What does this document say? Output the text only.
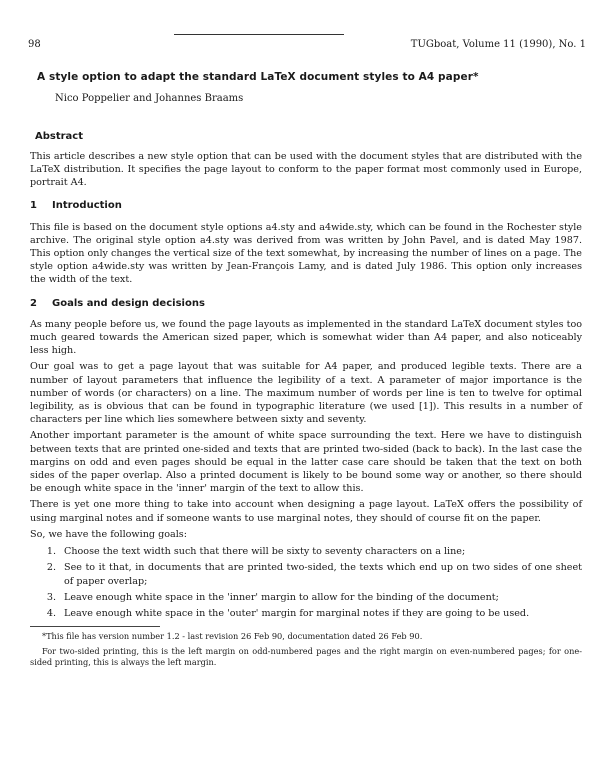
98	TUGboat, Volume 11 (1990), No. 1
A style option to adapt the standard LaTeX document styles to A4 paper*
Nico Poppelier and Johannes Braams
Abstract

This article describes a new style option that can be used with the document styles that are distributed with the LaTeX distribution. It specifies the page layout to conform to the paper format most commonly used in Europe, portrait A4.

1 Introduction

This file is based on the document style options a4.sty and a4wide.sty, which can be found in the Rochester style archive. The original style option a4.sty was derived from was written by John Pavel, and is dated May 1987. This option only changes the vertical size of the text somewhat, by increasing the number of lines on a page. The style option a4wide.sty was written by Jean-François Lamy, and is dated July 1986. This option only increases the width of the text.

2 Goals and design decisions

As many people before us, we found the page layouts as implemented in the standard LaTeX document styles too much geared towards the American sized paper, which is somewhat wider than A4 paper, and also noticeably less high.

Our goal was to get a page layout that was suitable for A4 paper, and produced legible texts. There are a number of layout parameters that influence the legibility of a text. A parameter of major importance is the number of words (or characters) on a line. The maximum number of words per line is ten to twelve for optimal legibility, as is obvious that can be found in typographic literature (we used [1]). This results in a number of characters per line which lies somewhere between sixty and seventy.

Another important parameter is the amount of white space surrounding the text. Here we have to distinguish between texts that are printed one-sided and texts that are printed two-sided (back to back). In the last case the margins on odd and even pages should be equal in the latter case care should be taken that the text on both sides of the paper overlap. Also a printed document is likely to be bound some way or another, so there should be enough white space in the 'inner' margin of the text to allow this.

There is yet one more thing to take into account when designing a page layout. LaTeX offers the possibility of using marginal notes and if someone wants to use marginal notes, they should of course fit on the paper.

So, we have the following goals:

1. Choose the text width such that there will be sixty to seventy characters on a line;
2. See to it that, in documents that are printed two-sided, the texts which end up on two sides of one sheet of paper overlap;
3. Leave enough white space in the 'inner' margin to allow for the binding of the document;
4. Leave enough white space in the 'outer' margin for marginal notes if they are going to be used.

*This file has version number 1.2 - last revision 26 Feb 90, documentation dated 26 Feb 90.

For two-sided printing, this is the left margin on odd-numbered pages and the right margin on even-numbered pages; for one-sided printing, this is always the left margin.
